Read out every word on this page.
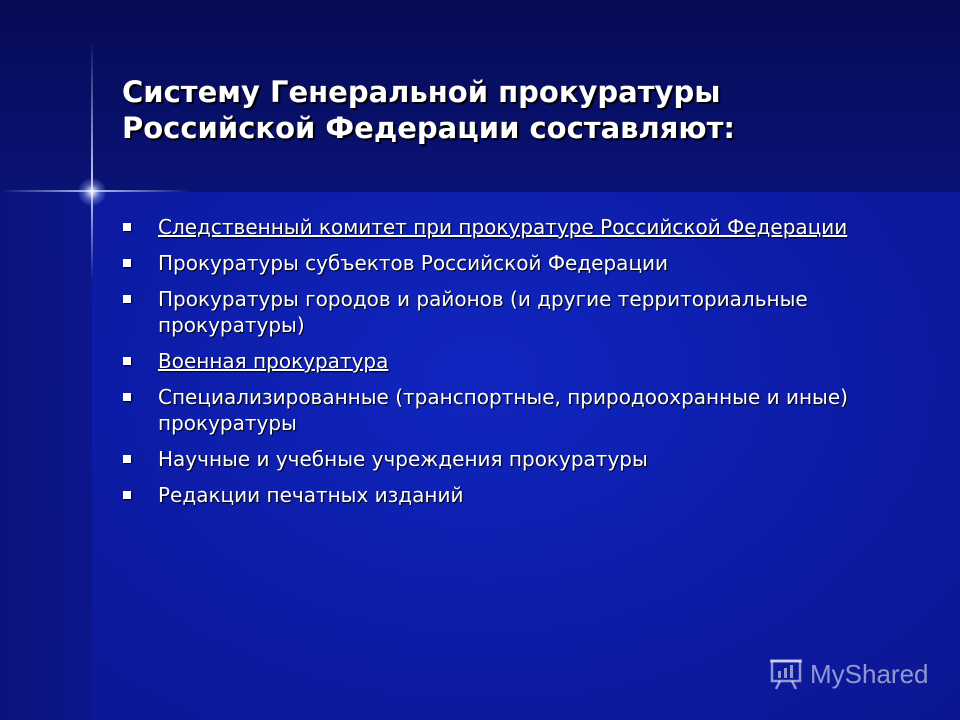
Систему Генеральной прокуратуры
Российской Федерации составляют:
Следственный комитет при прокуратуре Российской Федерации
Прокуратуры субъектов Российской Федерации
Прокуратуры городов и районов (и другие территориальные прокуратуры)
Военная прокуратура
Специализированные (транспортные, природоохранные и иные) прокуратуры
Научные и учебные учреждения прокуратуры
Редакции печатных изданий
MyShared
